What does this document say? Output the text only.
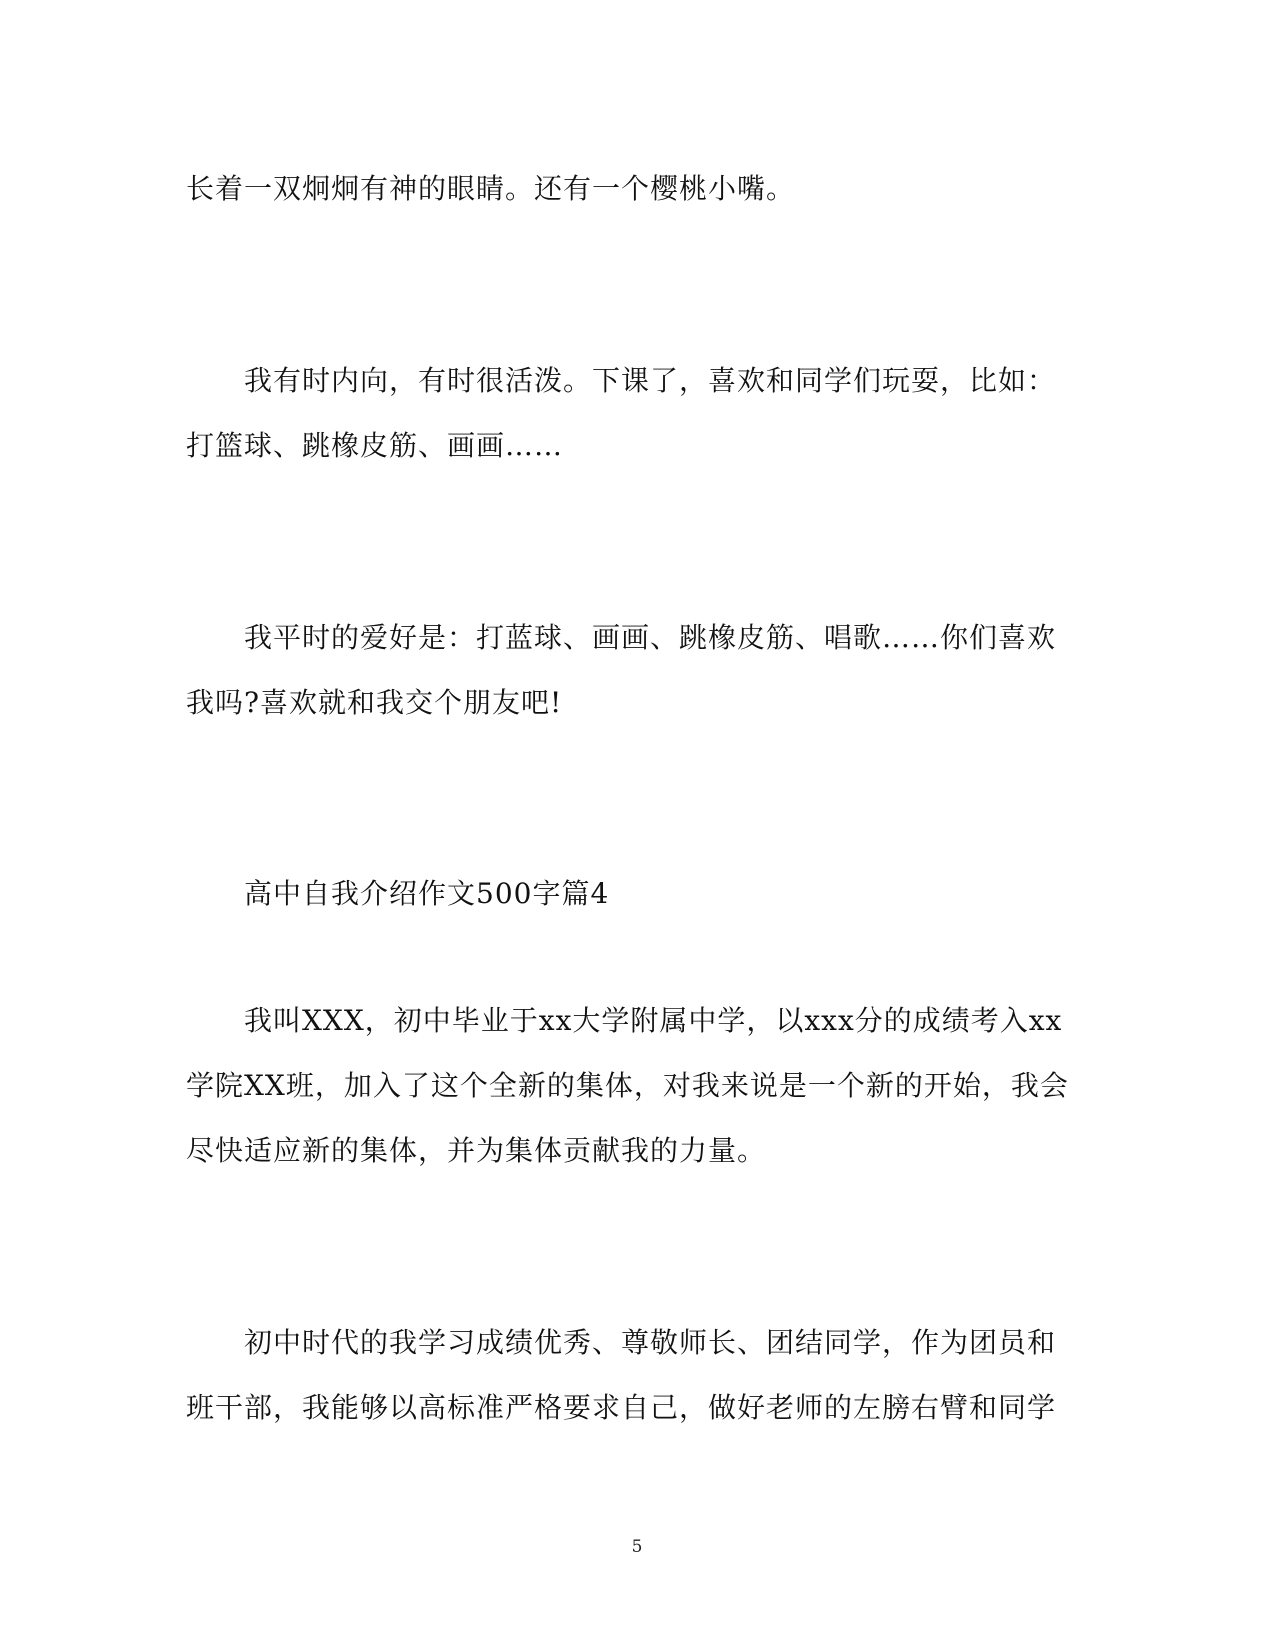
长着一双炯炯有神的眼睛。还有一个樱桃小嘴。
我有时内向，有时很活泼。下课了，喜欢和同学们玩耍，比如：
打篮球、跳橡皮筋、画画……
我平时的爱好是：打蓝球、画画、跳橡皮筋、唱歌……你们喜欢
我吗?喜欢就和我交个朋友吧!
高中自我介绍作文500字篇4
我叫XXX，初中毕业于xx大学附属中学，以xxx分的成绩考入xx
学院XX班，加入了这个全新的集体，对我来说是一个新的开始，我会
尽快适应新的集体，并为集体贡献我的力量。
初中时代的我学习成绩优秀、尊敬师长、团结同学，作为团员和
班干部，我能够以高标准严格要求自己，做好老师的左膀右臂和同学
5
